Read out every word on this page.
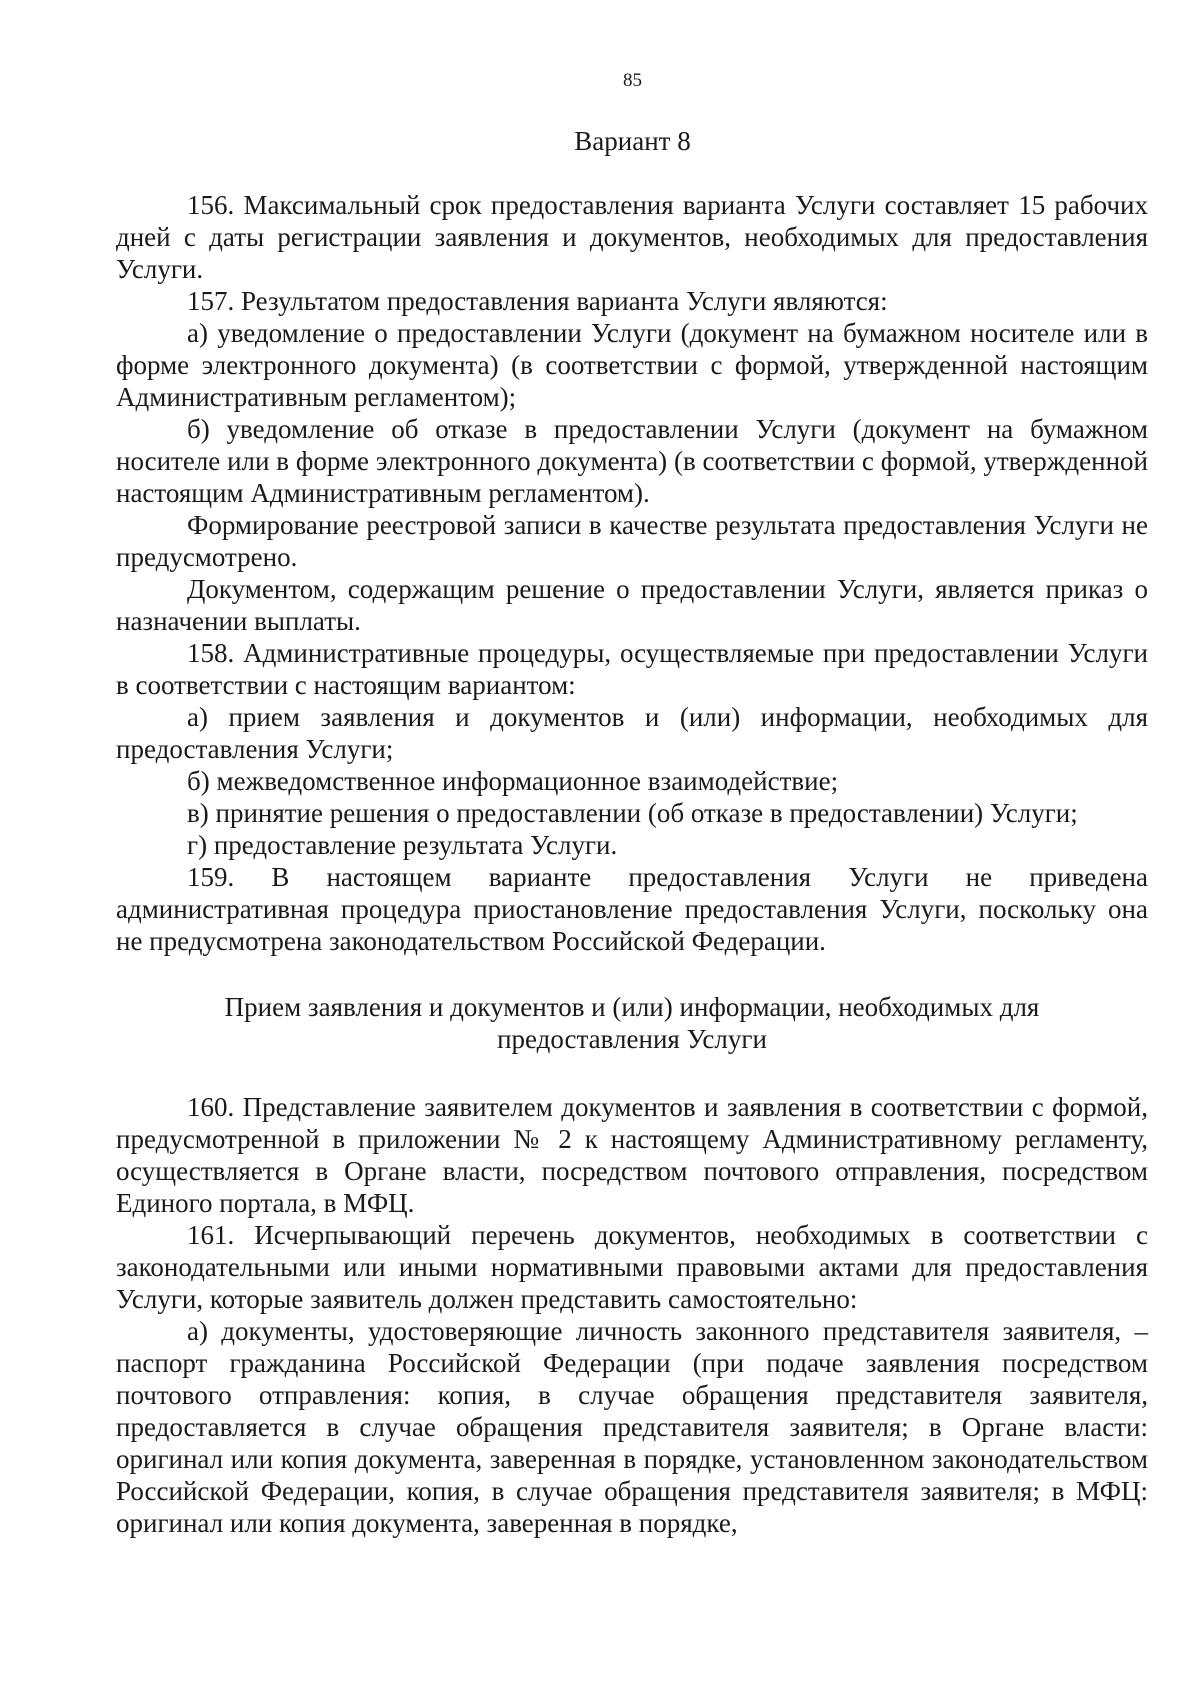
85
Вариант 8

156. Максимальный срок предоставления варианта Услуги составляет 15 рабочих дней с даты регистрации заявления и документов, необходимых для предоставления Услуги.

157. Результатом предоставления варианта Услуги являются:

а) уведомление о предоставлении Услуги (документ на бумажном носителе или в форме электронного документа) (в соответствии с формой, утвержденной настоящим Административным регламентом);

б) уведомление об отказе в предоставлении Услуги (документ на бумажном носителе или в форме электронного документа) (в соответствии с формой, утвержденной настоящим Административным регламентом).

Формирование реестровой записи в качестве результата предоставления Услуги не предусмотрено.

Документом, содержащим решение о предоставлении Услуги, является приказ о назначении выплаты.

158. Административные процедуры, осуществляемые при предоставлении Услуги в соответствии с настоящим вариантом:

а) прием заявления и документов и (или) информации, необходимых для предоставления Услуги;

б) межведомственное информационное взаимодействие;

в) принятие решения о предоставлении (об отказе в предоставлении) Услуги;

г) предоставление результата Услуги.

159. В настоящем варианте предоставления Услуги не приведена административная процедура приостановление предоставления Услуги, поскольку она не предусмотрена законодательством Российской Федерации.

Прием заявления и документов и (или) информации, необходимых для предоставления Услуги

160. Представление заявителем документов и заявления в соответствии с формой, предусмотренной в приложении № 2 к настоящему Административному регламенту, осуществляется в Органе власти, посредством почтового отправления, посредством Единого портала, в МФЦ.

161. Исчерпывающий перечень документов, необходимых в соответствии с законодательными или иными нормативными правовыми актами для предоставления Услуги, которые заявитель должен представить самостоятельно:

а) документы, удостоверяющие личность законного представителя заявителя, – паспорт гражданина Российской Федерации (при подаче заявления посредством почтового отправления: копия, в случае обращения представителя заявителя, предоставляется в случае обращения представителя заявителя; в Органе власти: оригинал или копия документа, заверенная в порядке, установленном законодательством Российской Федерации, копия, в случае обращения представителя заявителя; в МФЦ: оригинал или копия документа, заверенная в порядке,
